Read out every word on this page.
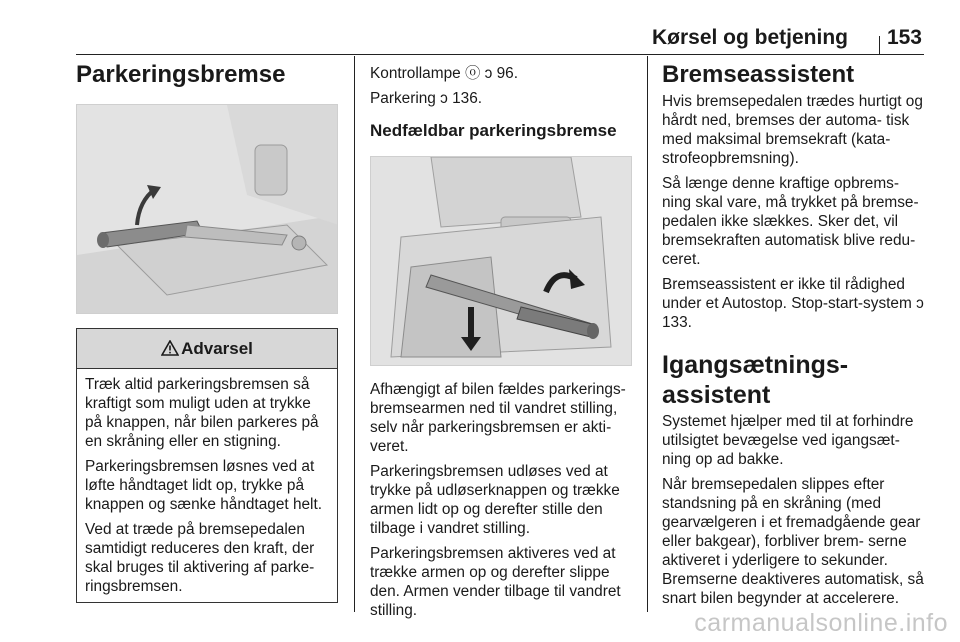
Kørsel og betjening 153
Parkeringsbremse
Advarsel

Træk altid parkeringsbremsen så kraftigt som muligt uden at trykke på knappen, når bilen parkeres på en skråning eller en stigning.

Parkeringsbremsen løsnes ved at løfte håndtaget lidt op, trykke på knappen og sænke håndtaget helt.

Ved at træde på bremsepedalen samtidigt reduceres den kraft, der skal bruges til aktivering af parke- ringsbremsen.

Kontrollampe ⓞ ↄ 96.

Parkering ↄ 136.

Nedfældbar parkeringsbremse

Afhængigt af bilen fældes parkerings- bremsearmen ned til vandret stilling, selv når parkeringsbremsen er akti- veret.

Parkeringsbremsen udløses ved at trykke på udløserknappen og trække armen lidt op og derefter stille den tilbage i vandret stilling.

Parkeringsbremsen aktiveres ved at trække armen op og derefter slippe den. Armen vender tilbage til vandret stilling.

Bremseassistent

Hvis bremsepedalen trædes hurtigt og hårdt ned, bremses der automa- tisk med maksimal bremsekraft (kata- strofeopbremsning).

Så længe denne kraftige opbrems- ning skal vare, må trykket på bremse- pedalen ikke slækkes. Sker det, vil bremsekraften automatisk blive redu- ceret.

Bremseassistent er ikke til rådighed under et Autostop. Stop-start-system ↄ 133.

Igangsætnings-assistent

Systemet hjælper med til at forhindre utilsigtet bevægelse ved igangsæt- ning op ad bakke.

Når bremsepedalen slippes efter standsning på en skråning (med gearvælgeren i et fremadgående gear eller bakgear), forbliver brem- serne aktiveret i yderligere to sekunder. Bremserne deaktiveres automatisk, så snart bilen begynder at accelerere.

carmanualsonline.info
